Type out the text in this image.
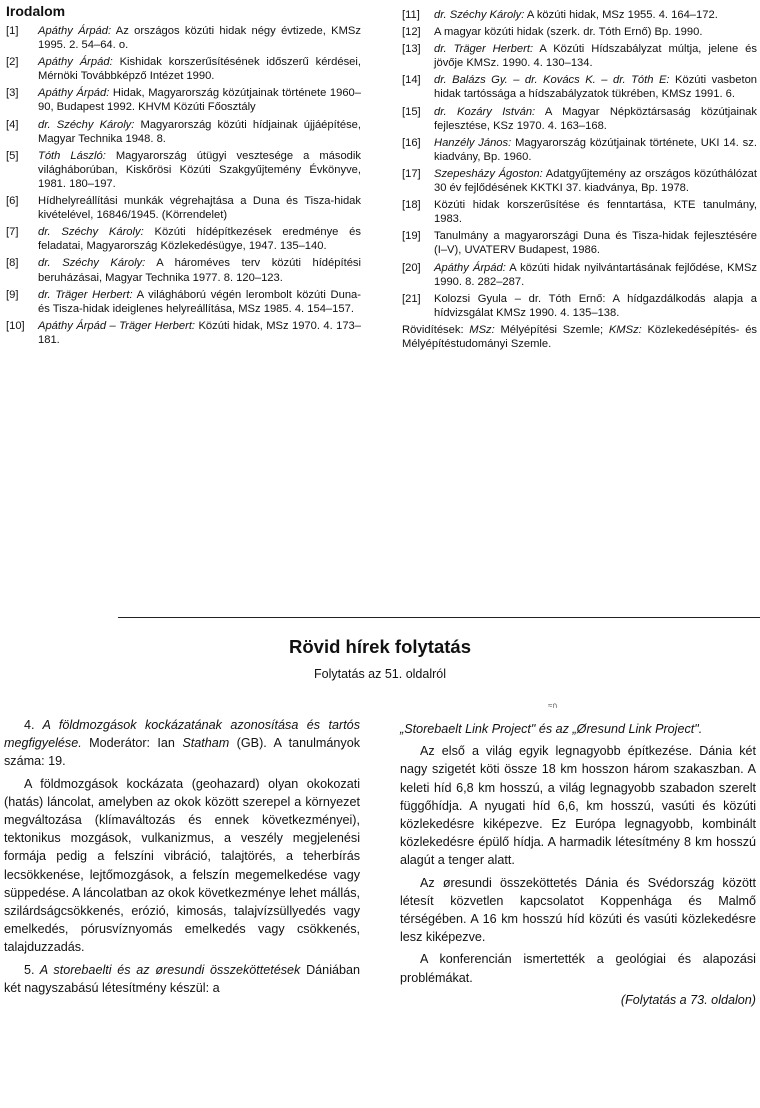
Irodalom
[1]	Apáthy Árpád: Az országos közúti hidak négy évtizede, KMSz 1995. 2. 54–64. o.
[2]	Apáthy Árpád: Kishidak korszerűsítésének időszerű kérdései, Mérnöki Továbbképző Intézet 1990.
[3]	Apáthy Árpád: Hidak, Magyarország közútjainak története 1960–90, Budapest 1992. KHVM Közúti Főosztály
[4]	dr. Széchy Károly: Magyarország közúti hídjainak újjáépítése, Magyar Technika 1948. 8.
[5]	Tóth László: Magyarország útügyi vesztesége a második világháborúban, Kiskőrösi Közúti Szakgyűjtemény Évkönyve, 1981. 180–197.
[6]	Hídhelyreállítási munkák végrehajtása a Duna és Tisza-hidak kivételével, 16846/1945. (Körrendelet)
[7]	dr. Széchy Károly: Közúti hídépítkezések eredménye és feladatai, Magyarország Közlekedésügye, 1947. 135–140.
[8]	dr. Széchy Károly: A hároméves terv közúti hídépítési beruházásai, Magyar Technika 1977. 8. 120–123.
[9]	dr. Träger Herbert: A világháború végén lerombolt közúti Duna- és Tisza-hidak ideiglenes helyreállítása, MSz 1985. 4. 154–157.
[10]	Apáthy Árpád – Träger Herbert: Közúti hidak, MSz 1970. 4. 173–181.
[11]	dr. Széchy Károly: A közúti hidak, MSz 1955. 4. 164–172.
[12]	A magyar közúti hidak (szerk. dr. Tóth Ernő) Bp. 1990.
[13]	dr. Träger Herbert: A Közúti Hídszabályzat múltja, jelene és jövője KMSz. 1990. 4. 130–134.
[14]	dr. Balázs Gy. – dr. Kovács K. – dr. Tóth E: Közúti vasbeton hidak tartóssága a hídszabályzatok tükrében, KMSz 1991. 6.
[15]	dr. Kozáry István: A Magyar Népköztársaság közútjainak fejlesztése, KSz 1970. 4. 163–168.
[16]	Hanzély János: Magyarország közútjainak története, UKI 14. sz. kiadvány, Bp. 1960.
[17]	Szepesházy Ágoston: Adatgyűjtemény az országos közúthálózat 30 év fejlődésének KKTKI 37. kiadványa, Bp. 1978.
[18]	Közúti hidak korszerűsítése és fenntartása, KTE tanulmány, 1983.
[19]	Tanulmány a magyarországi Duna és Tisza-hidak fejlesztésére (I–V), UVATERV Budapest, 1986.
[20]	Apáthy Árpád: A közúti hidak nyilvántartásának fejlődése, KMSz 1990. 8. 282–287.
[21]	Kolozsi Gyula – dr. Tóth Ernő: A hídgazdálkodás alapja a hídvizsgálat KMSz 1990. 4. 135–138.
Rövidítések: MSz: Mélyépítési Szemle; KMSz: Közlekedésépítés- és Mélyépítéstudományi Szemle.
Rövid hírek folytatás
Folytatás az 51. oldalról
≈ก

4. A földmozgások kockázatának azonosítása és tartós megfigyelése. Moderátor: Ian Statham (GB). A tanulmányok száma: 19.

A földmozgások kockázata (geohazard) olyan okokozati (hatás) láncolat, amelyben az okok között szerepel a környezet megváltozása (klímaváltozás és ennek következményei), tektonikus mozgások, vulkanizmus, a veszély megjelenési formája pedig a felszíni vibráció, talajtörés, a teherbírás lecsökkenése, lejtőmozgások, a felszín megemelkedése vagy süppedése. A láncolatban az okok következménye lehet mállás, szilárdságcsökkenés, erózió, kimosás, talajvízsüllyedés vagy emelkedés, pórusvíznyomás emelkedés vagy csökkenés, talajduzzadás.

5. A storebaelti és az øresundi összeköttetések Dániában két nagyszabású létesítmény készül: a

„Storebaelt Link Project" és az „Øresund Link Project".

Az első a világ egyik legnagyobb építkezése. Dánia két nagy szigetét köti össze 18 km hosszon három szakaszban. A keleti híd 6,8 km hosszú, a világ legnagyobb szabadon szerelt függőhídja. A nyugati híd 6,6, km hosszú, vasúti és közúti közlekedésre kiképezve. Ez Európa legnagyobb, kombinált közlekedésre épülő hídja. A harmadik létesítmény 8 km hosszú alagút a tenger alatt.

Az øresundi összeköttetés Dánia és Svédország között létesít közvetlen kapcsolatot Koppenhága és Malmő térségében. A 16 km hosszú híd közúti és vasúti közlekedésre lesz kiképezve.

A konferencián ismertették a geológiai és alapozási problémákat.

(Folytatás a 73. oldalon)
